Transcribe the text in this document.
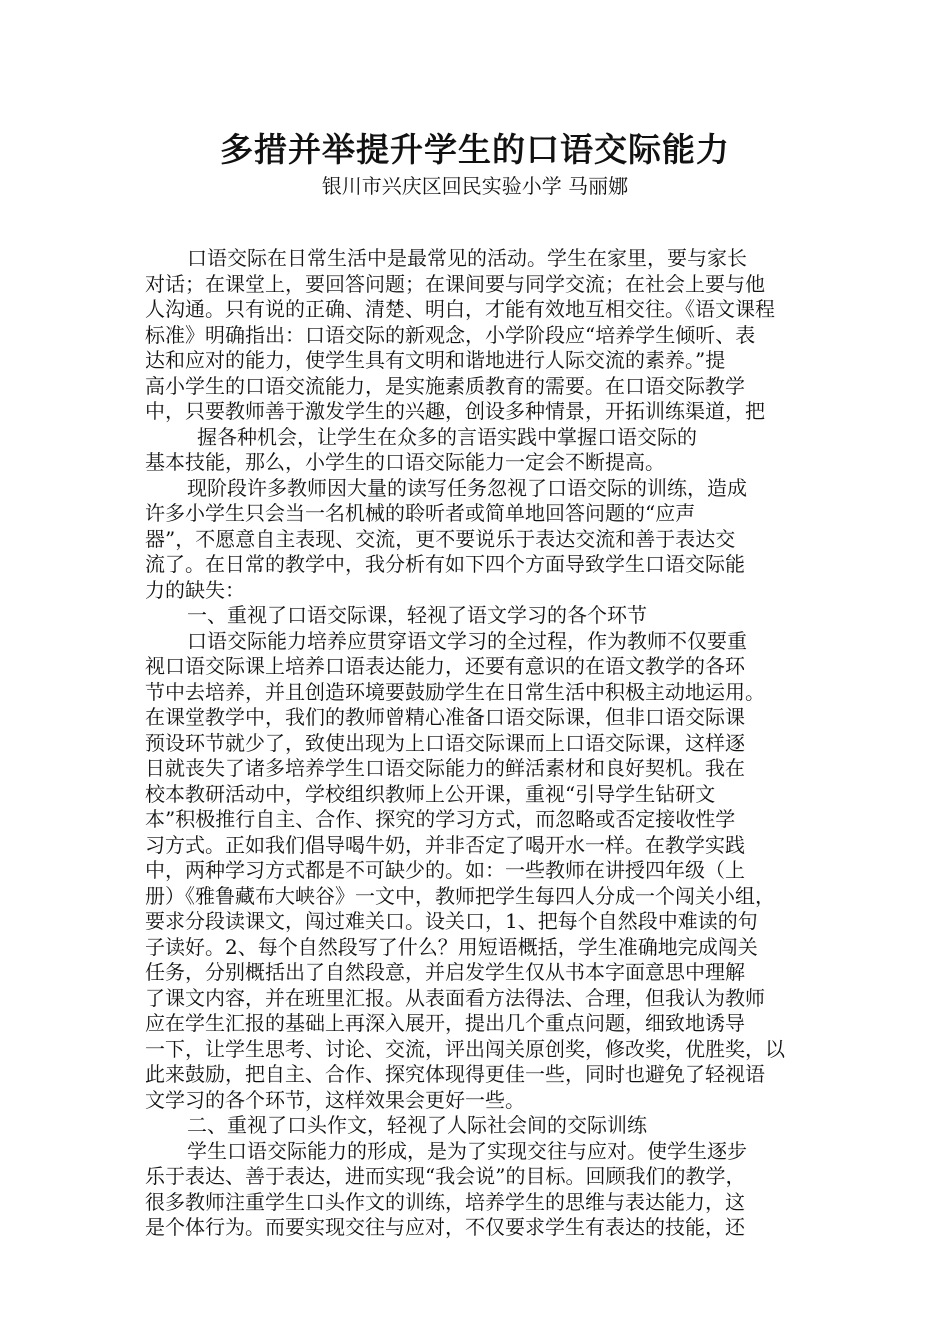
多措并举提升学生的口语交际能力
银川市兴庆区回民实验小学 马丽娜
口语交际在日常生活中是最常见的活动。学生在家里，要与家长
对话；在课堂上，要回答问题；在课间要与同学交流；在社会上要与他
人沟通。只有说的正确、清楚、明白，才能有效地互相交往。《语文课程
标准》明确指出：口语交际的新观念，小学阶段应“培养学生倾听、表
达和应对的能力，使学生具有文明和谐地进行人际交流的素养。”提
高小学生的口语交流能力，是实施素质教育的需要。在口语交际教学
中，只要教师善于激发学生的兴趣，创设多种情景，开拓训练渠道，把
握各种机会，让学生在众多的言语实践中掌握口语交际的
基本技能，那么，小学生的口语交际能力一定会不断提高。
现阶段许多教师因大量的读写任务忽视了口语交际的训练，造成
许多小学生只会当一名机械的聆听者或简单地回答问题的“应声
器”，不愿意自主表现、交流，更不要说乐于表达交流和善于表达交
流了。在日常的教学中，我分析有如下四个方面导致学生口语交际能
力的缺失：
一、重视了口语交际课，轻视了语文学习的各个环节
口语交际能力培养应贯穿语文学习的全过程，作为教师不仅要重
视口语交际课上培养口语表达能力，还要有意识的在语文教学的各环
节中去培养，并且创造环境要鼓励学生在日常生活中积极主动地运用。
在课堂教学中，我们的教师曾精心准备口语交际课，但非口语交际课
预设环节就少了，致使出现为上口语交际课而上口语交际课，这样逐
日就丧失了诸多培养学生口语交际能力的鲜活素材和良好契机。我在
校本教研活动中，学校组织教师上公开课，重视“引导学生钻研文
本”积极推行自主、合作、探究的学习方式，而忽略或否定接收性学
习方式。正如我们倡导喝牛奶，并非否定了喝开水一样。在教学实践
中，两种学习方式都是不可缺少的。如：一些教师在讲授四年级（上
册）《雅鲁藏布大峡谷》一文中，教师把学生每四人分成一个闯关小组，
要求分段读课文，闯过难关口。设关口，1、把每个自然段中难读的句
子读好。2、每个自然段写了什么？用短语概括，学生准确地完成闯关
任务，分别概括出了自然段意，并启发学生仅从书本字面意思中理解
了课文内容，并在班里汇报。从表面看方法得法、合理，但我认为教师
应在学生汇报的基础上再深入展开，提出几个重点问题，细致地诱导
一下，让学生思考、讨论、交流，评出闯关原创奖，修改奖，优胜奖，以
此来鼓励，把自主、合作、探究体现得更佳一些，同时也避免了轻视语
文学习的各个环节，这样效果会更好一些。
二、重视了口头作文，轻视了人际社会间的交际训练
学生口语交际能力的形成，是为了实现交往与应对。使学生逐步
乐于表达、善于表达，进而实现“我会说”的目标。回顾我们的教学，
很多教师注重学生口头作文的训练，培养学生的思维与表达能力，这
是个体行为。而要实现交往与应对，不仅要求学生有表达的技能，还
